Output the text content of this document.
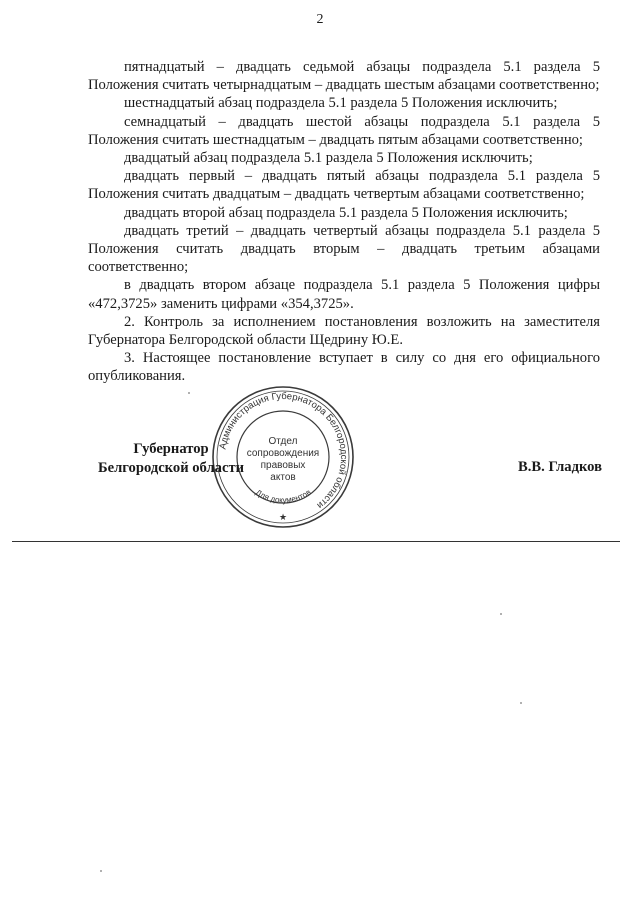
2

пятнадцатый – двадцать седьмой абзацы подраздела 5.1 раздела 5 Положения считать четырнадцатым – двадцать шестым абзацами соответственно;

шестнадцатый абзац подраздела 5.1 раздела 5 Положения исключить;

семнадцатый – двадцать шестой абзацы подраздела 5.1 раздела 5 Положения считать шестнадцатым – двадцать пятым абзацами соответственно;

двадцатый абзац подраздела 5.1 раздела 5 Положения исключить;

двадцать первый – двадцать пятый абзацы подраздела 5.1 раздела 5 Положения считать двадцатым – двадцать четвертым абзацами соответственно;

двадцать второй абзац подраздела 5.1 раздела 5 Положения исключить;

двадцать третий – двадцать четвертый абзацы подраздела 5.1 раздела 5 Положения считать двадцать вторым – двадцать третьим абзацами соответственно;

в двадцать втором абзаце подраздела 5.1 раздела 5 Положения цифры «472,3725» заменить цифрами «354,3725».

2. Контроль за исполнением постановления возложить на заместителя Губернатора Белгородской области Щедрину Ю.Е.

3. Настоящее постановление вступает в силу со дня его официального опубликования.

Администрация Губернатора Белгородской области
Отдел
сопровождения
правовых
актов
Для документов
★
Губернатор
Белгородской области	В.В. Гладков
